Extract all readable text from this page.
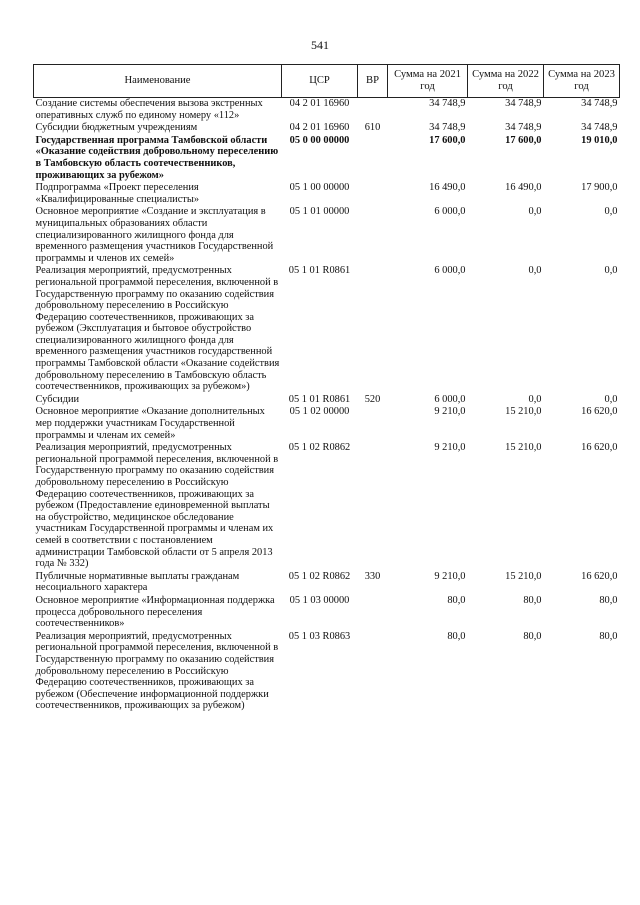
541
Наименование	ЦСР	ВР	Сумма на 2021 год	Сумма на 2022 год	Сумма на 2023 год
Создание системы обеспечения вызова экстренных оперативных служб по единому номеру «112»	04 2 01 16960		34 748,9	34 748,9	34 748,9
Субсидии бюджетным учреждениям	04 2 01 16960	610	34 748,9	34 748,9	34 748,9
Государственная программа Тамбовской области «Оказание содействия добровольному переселению в Тамбовскую область соотечественников, проживающих за рубежом»	05 0 00 00000		17 600,0	17 600,0	19 010,0
Подпрограмма «Проект переселения «Квалифицированные специалисты»	05 1 00 00000		16 490,0	16 490,0	17 900,0
Основное мероприятие «Создание и эксплуатация в муниципальных образованиях области специализированного жилищного фонда для временного размещения участников Государственной программы и членов их семей»	05 1 01 00000		6 000,0	0,0	0,0
Реализация мероприятий, предусмотренных региональной программой переселения, включенной в Государственную программу по оказанию содействия добровольному переселению в Российскую Федерацию соотечественников, проживающих за рубежом (Эксплуатация и бытовое обустройство специализированного жилищного фонда для временного размещения участников государственной программы Тамбовской области «Оказание содействия добровольному переселению в Тамбовскую область соотечественников, проживающих за рубежом»)	05 1 01 R0861		6 000,0	0,0	0,0
Субсидии	05 1 01 R0861	520	6 000,0	0,0	0,0
Основное мероприятие «Оказание дополнительных мер поддержки участникам Государственной программы и членам их семей»	05 1 02 00000		9 210,0	15 210,0	16 620,0
Реализация мероприятий, предусмотренных региональной программой переселения, включенной в Государственную программу по оказанию содействия добровольному переселению в Российскую Федерацию соотечественников, проживающих за рубежом (Предоставление единовременной выплаты на обустройство, медицинское обследование участникам Государственной программы и членам их семей в соответствии с постановлением администрации Тамбовской области от 5 апреля 2013 года № 332)	05 1 02 R0862		9 210,0	15 210,0	16 620,0
Публичные нормативные выплаты гражданам несоциального характера	05 1 02 R0862	330	9 210,0	15 210,0	16 620,0
Основное мероприятие «Информационная поддержка процесса добровольного переселения соотечественников»	05 1 03 00000		80,0	80,0	80,0
Реализация мероприятий, предусмотренных региональной программой переселения, включенной в Государственную программу по оказанию содействия добровольному переселению в Российскую Федерацию соотечественников, проживающих за рубежом (Обеспечение информационной поддержки соотечественников, проживающих за рубежом)	05 1 03 R0863		80,0	80,0	80,0
